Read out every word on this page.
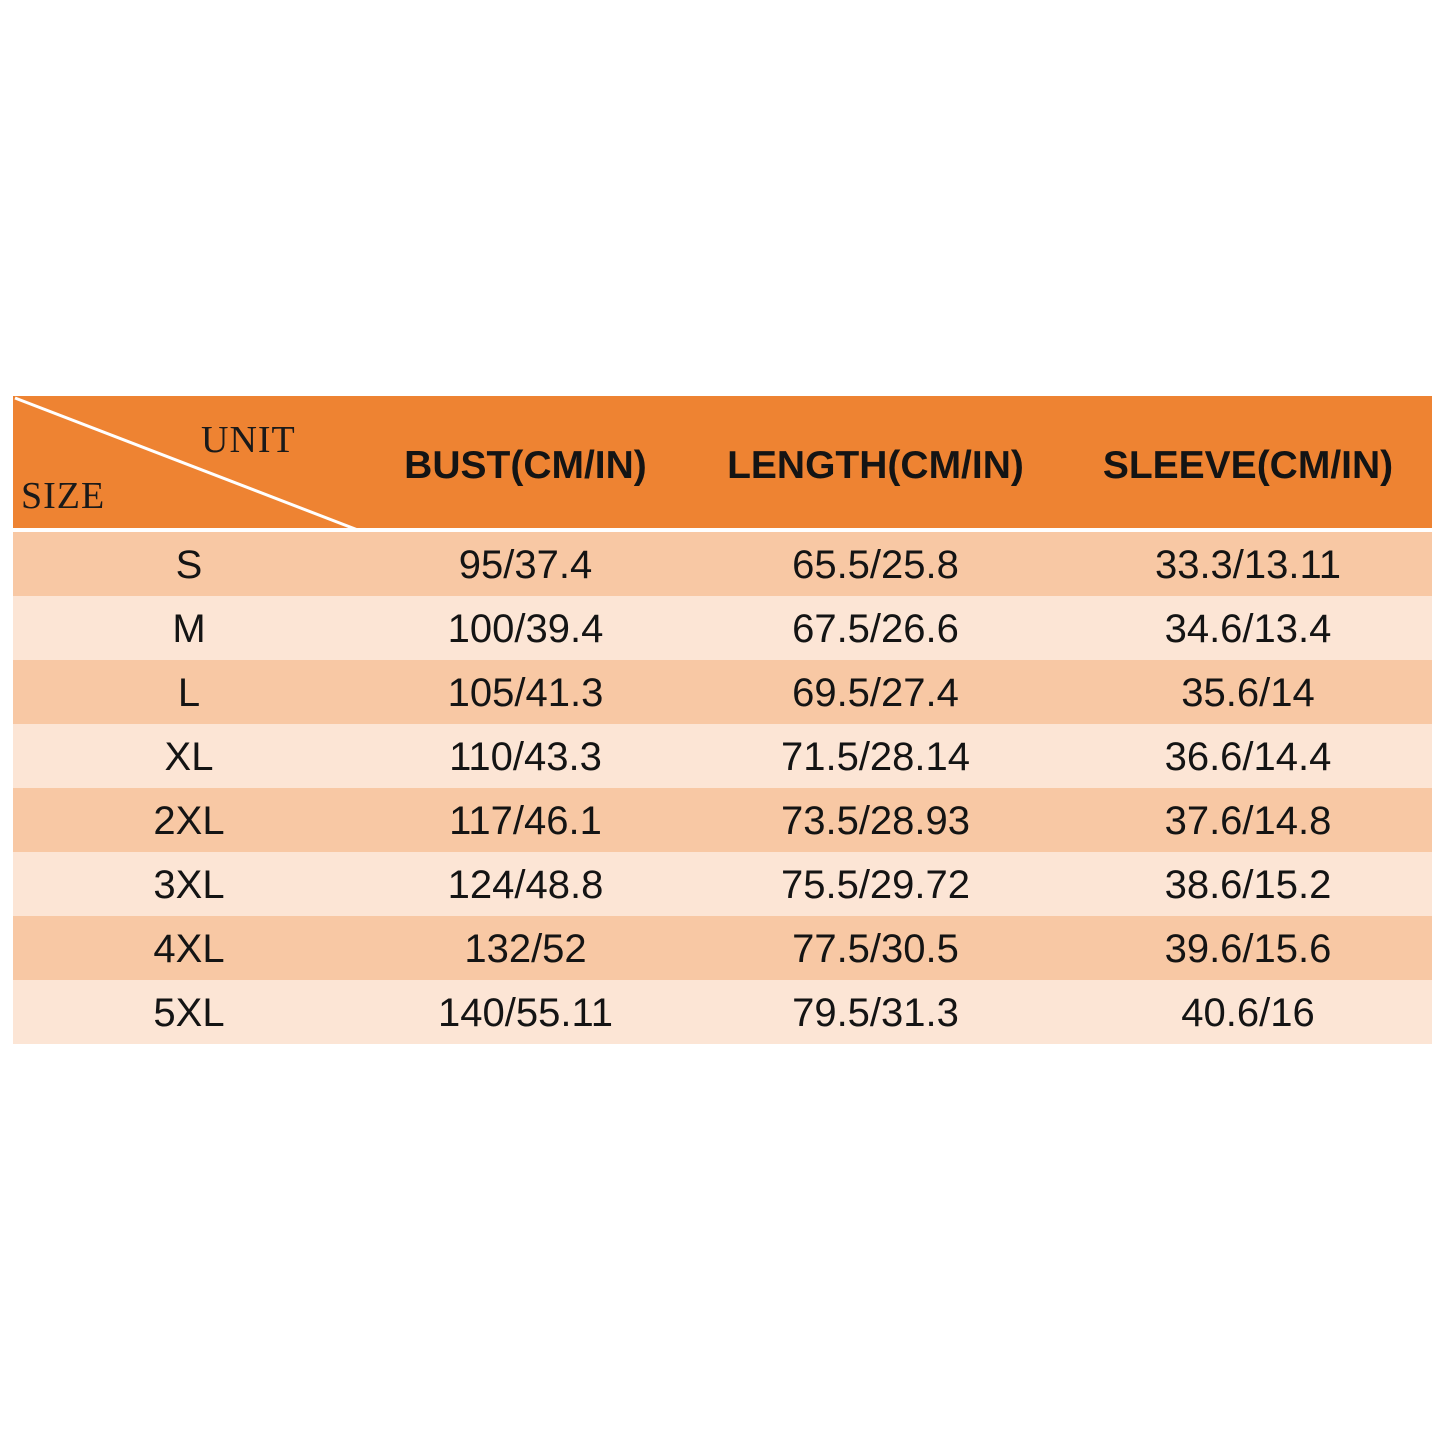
UNIT
SIZE
BUST(CM/IN)	LENGTH(CM/IN)	SLEEVE(CM/IN)
S	95/37.4	65.5/25.8	33.3/13.11
M	100/39.4	67.5/26.6	34.6/13.4
L	105/41.3	69.5/27.4	35.6/14
XL	110/43.3	71.5/28.14	36.6/14.4
2XL	117/46.1	73.5/28.93	37.6/14.8
3XL	124/48.8	75.5/29.72	38.6/15.2
4XL	132/52	77.5/30.5	39.6/15.6
5XL	140/55.11	79.5/31.3	40.6/16
